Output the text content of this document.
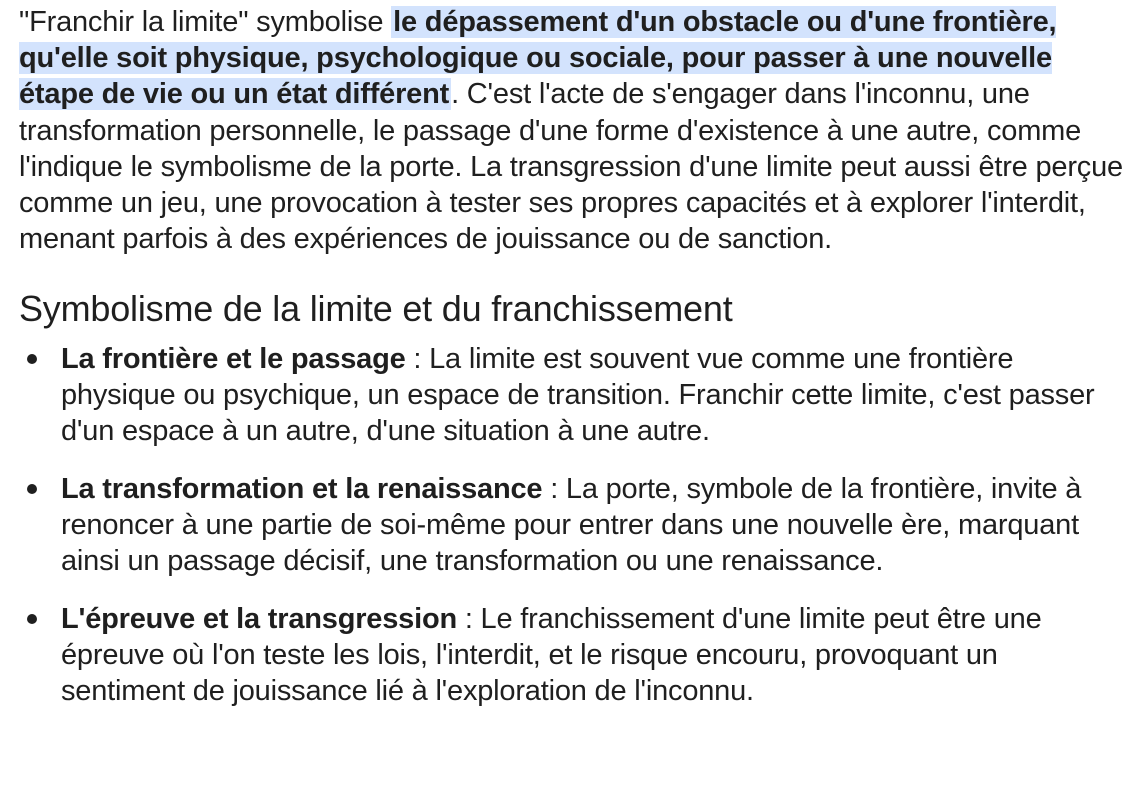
"Franchir la limite" symbolise le dépassement d'un obstacle ou d'une frontière, qu'elle soit physique, psychologique ou sociale, pour passer à une nouvelle étape de vie ou un état différent. C'est l'acte de s'engager dans l'inconnu, une transformation personnelle, le passage d'une forme d'existence à une autre, comme l'indique le symbolisme de la porte. La transgression d'une limite peut aussi être perçue comme un jeu, une provocation à tester ses propres capacités et à explorer l'interdit, menant parfois à des expériences de jouissance ou de sanction.

Symbolisme de la limite et du franchissement
La frontière et le passage : La limite est souvent vue comme une frontière physique ou psychique, un espace de transition. Franchir cette limite, c'est passer d'un espace à un autre, d'une situation à une autre.
La transformation et la renaissance : La porte, symbole de la frontière, invite à renoncer à une partie de soi-même pour entrer dans une nouvelle ère, marquant ainsi un passage décisif, une transformation ou une renaissance.
L'épreuve et la transgression : Le franchissement d'une limite peut être une épreuve où l'on teste les lois, l'interdit, et le risque encouru, provoquant un sentiment de jouissance lié à l'exploration de l'inconnu.
